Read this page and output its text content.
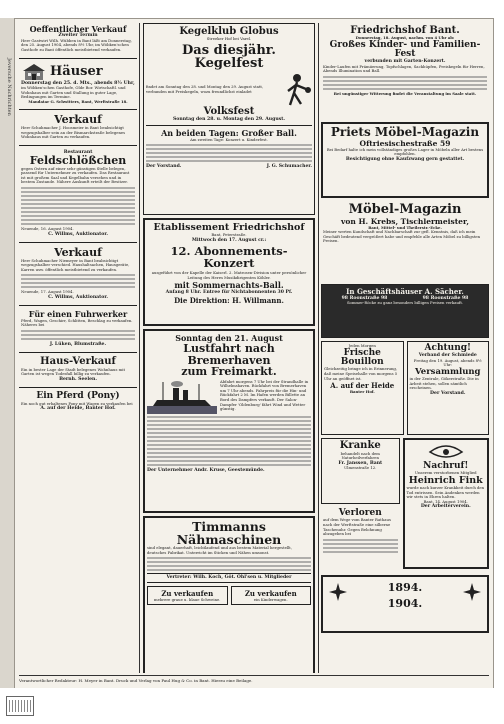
Jeversche Nachrichten
Oeffentlicher Verkauf
Zweiter Termin
Herr Gastwirt Wilh. Wübben in Bant läßt am Donnerstag, den 25. August 1904, abends 8½ Uhr, im Wöbken'schen Gasthofe zu Bant öffentlich meistbietend verkaufen.
Häuser
Donnerstag den 25. d. Mts., abends 8½ Uhr,
im Wöbken'schen Gasthofe, Olde Bor. Wirtschaftl. und Wohnhaus mit Garten und Stallung in guter Lage, Bedingungen im Termine.
Mandatar G. Schwitters, Bant, Werftstraße 18.
Verkauf
Herr Schuhmacher J. Hoosmeier in Bant beabsichtigt wegzugshalber sein an der Bismarckstraße belegenes Wohnhaus mit Garten zu verkaufen.
Restaurant
Feldschlößchen
gegen Ostern auf einer sehr günstigen Stelle belegen, passend für Unternehmer zu verkaufen. Das Restaurant ist mit großem Saal und Kegelbahn versehen und in bestem Zustande. Nähere Auskunft erteilt der Besitzer.
Neuende, 16. August 1904.
C. Willms, Auktionator.
Verkauf
Herr Schuhmacher Niemeyer in Bant beabsichtigt wegzugshalber verschied. Haushaltsachen, Hausgeräte, Karren usw. öffentlich meistbietend zu verkaufen.
Neuende, 17. August 1904.
C. Willms, Auktionator.
Für einen Fuhrwerker
Pferd, Wagen, Geschirr, Schlitten, Beschlag zu verkaufen. Näheres bei
J. Lüken, Blumstraße.
Haus-Verkauf
Ein in bester Lage der Stadt belegenes Wohnhaus mit Garten ist wegen Todesfall billig zu verkaufen.
Bernh. Seelen.
Ein Pferd (Pony)
Ein noch gut erhaltenes Pony mit Wagen zu verkaufen bei
A. auf der Heide, Banter Hof.
Kegelklub Globus
Streeker Hof bei Varel.
Das diesjähr. Kegelfest
findet am Sonntag den 28. und Montag den 29. August statt, verbunden mit Preiskegeln, wozu freundlichst einladet
Volksfest
Sonntag den 28. u. Montag den 29. August.
An beiden Tagen: Großer Ball.
Am zweiten Tage: Konzert u. Kinderfest.
Der Vorstand.	J. G. Schumacher.
Etablissement Friedrichshof
Bant, Peterstraße.
Mittwoch den 17. August cr.:
12. Abonnements-Konzert
ausgeführt von der Kapelle der Kaiserl. 2. Matrosen-Division unter persönlicher Leitung des Herrn Musikdirigenten Köhler.
mit Sommernachts-Ball.
Anfang 8 Uhr. Entree für Nichtabonnenten 30 Pf.
Die Direktion: H. Willmann.
Sonntag den 21. August
Lustfahrt nach Bremerhaven
zum Freimarkt.
Abfahrt morgens 7 Uhr bei der Strandhalle in Wilhelmshaven. Rückfahrt von Bremerhaven um 7 Uhr abends. Fahrpreis für die Hin- und Rückfahrt 2 M. Im Hafen werden Billette an Bord des Dampfers verkauft. Der Salon-Dampfer 'Oldenburg' fährt Wind und Wetter günstig.
Der Unternehmer Andr. Kruse, Geestemünde.
Timmanns Nähmaschinen
sind elegant, dauerhaft, leichtlaufend und aus bestem Material hergestellt, deutsches Fabrikat. Unterricht im Sticken und Nähen umsonst.
Vertreter: Wilh. Koch, Göt. Ohl'sen u. Mitglieder
Zu verkaufen
mehrere graue u. blaue Schweine.
Zu verkaufen
ein Kinderwagen.
Friedrichshof Bant.
Donnerstag, 18. August, nachm. von 4 Uhr ab:
Großes Kinder- und Familien-Fest
verbunden mit Garten-Konzert.
Kinder-Laufen mit Prämiierung, Topfschlagen, Sackhüpfen, Preiskegeln für Herren, Abends Illumination und Ball.
Bei ungünstiger Witterung findet die Veranstaltung im Saale statt.
Priets Möbel-Magazin
Oftriesischestraße 59
Bei Bedarf halte ich mein vollständiges großes Lager in Möbeln aller Art bestens empfohlen.
Besichtigung ohne Kaufzwang gern gestattet.
Möbel-Magazin
von H. Krebs, Tischlermeister,
Bant, Mittel- und Theilerstr.-Ecke.
Meiner werten Kundschaft und Nachbarschaft zur gefl. Kenntnis, daß ich mein Geschäft bedeutend vergrößert habe und empfehle alle Arten Möbel zu billigsten Preisen.
In Geschäftshäuser A. Sächer.
98 Roonstraße 98	98 Roonstraße 98
Sommer-Röcke zu ganz besonders billigen Preisen verkauft.
Jeden Morgen
Frische Bouillon
Gleichzeitig bringe ich in Erinnerung, daß meine Speisehalle von morgens 5 Uhr an geöffnet ist.
A. auf der Heide
Banter Hof.
Achtung!
Verband der Schmiede
Freitag den 19. August, abends 8½ Uhr:
Versammlung
in der Zentrale, Gökerstraße. Die in Arbeit stehen, sollen sämtlich erscheinen.
Der Vorstand.
Kranke
behandelt nach dem Naturheilverfahren
Fr. Janssen, Bant
Ulmenstraße 12.
Verloren
auf dem Wege vom Banter Rathaus nach der Werftstraße eine silberne Taschenuhr. Gegen Belohnung abzugeben bei
Nachruf!
Unserem verstorbenen Mitglied
Heinrich Fink
wurde nach kurzer Krankheit durch den Tod entrissen. Sein Andenken werden wir stets in Ehren halten.
Bant, 14. August 1904.
Der Arbeiterverein.
1894.
1904.
Verantwortlicher Redakteur: H. Meyer in Bant. Druck und Verlag von Paul Hug & Co. in Bant. Hierzu eine Beilage.
